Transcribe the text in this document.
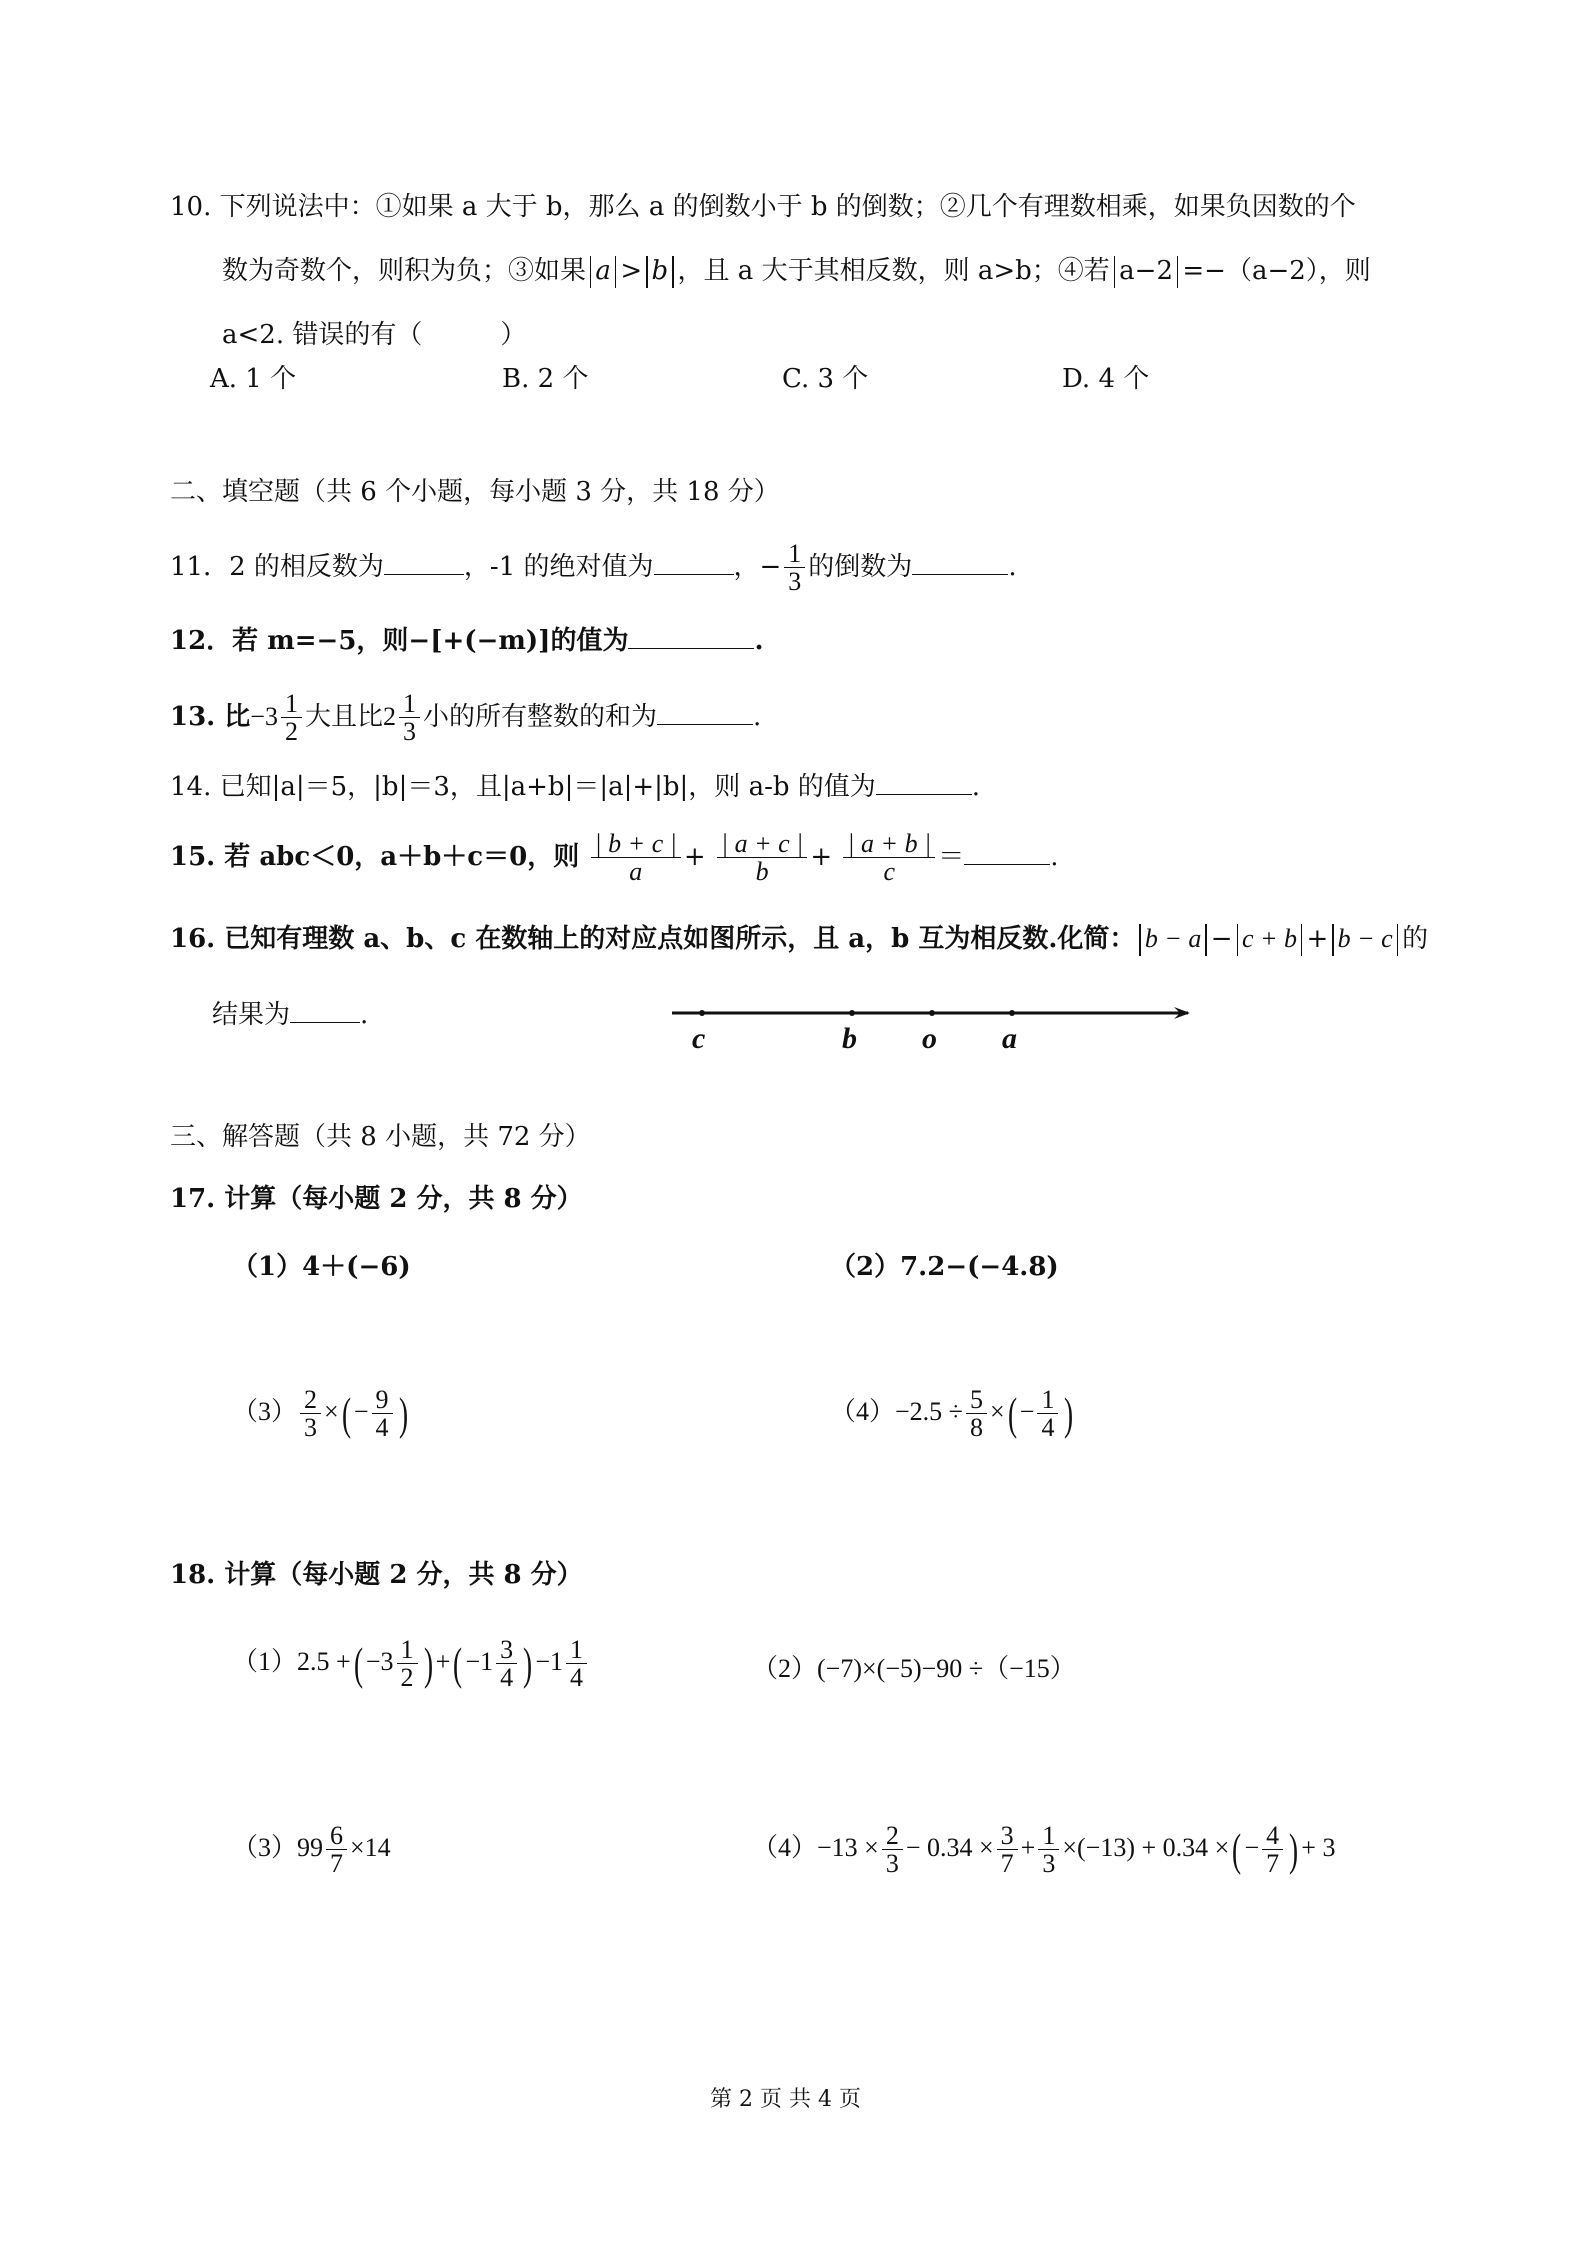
10. 下列说法中：①如果 a 大于 b，那么 a 的倒数小于 b 的倒数；②几个有理数相乘，如果负因数的个
数为奇数个，则积为负；③如果 a > b ，且 a 大于其相反数，则 a>b；④若 a−2 =−（a−2），则
a<2. 错误的有（　　　）
A. 1 个	B. 2 个	C. 3 个	D. 4 个
二、填空题（共 6 个小题，每小题 3 分，共 18 分）
11．2 的相反数为	，-1 的绝对值为	，− $\frac{1}{3}$ 的倒数为	.
12．若 m=−5，则−[+(−m)]的值为	.
13. 比$-3 \frac{1}{2}$ 大且比$2 \frac{1}{3}$ 小的所有整数的和为	.
14. 已知|a|＝5，|b|＝3，且|a+b|＝|a|+|b|，则 a-b 的值为	.
15. 若 abc＜0，a＋b＋c＝0，则 $\frac{| b + c |}{a} + \frac{| a + c |}{b} + \frac{| a + b |}{c}$ ＝	.
16. 已知有理数 a、b、c 在数轴上的对应点如图所示，且 a，b 互为相反数.化简： b − a − c + b + b − c 的
结果为	.
c	b o a
三、解答题（共 8 小题，共 72 分）
17. 计算（每小题 2 分，共 8 分）
（1）4＋(−6)	（2）7.2−(−4.8)
$(3) \frac{2}{3}$ ×( − $\frac{9}{4}$ )	$(4)-2.5 \div \frac{5}{8}$ ×( − $\frac{1}{4}$ )
18. 计算（每小题 2 分，共 8 分）
（1）2.5 +( $-3 \frac{1}{2}$ ) +( $-1 \frac{3}{4}$ ) $-1 \frac{1}{4}$	（2）(−7)×(−5)−90 ÷（−15）
$(3)99 \frac{6}{7} \times 14$	$(4)-13 \times \frac{2}{3} - 0.34 \times \frac{3}{7} + \frac{1}{3} \times(-13) + 0.34$ ×( − $\frac{4}{7}$ ) + 3
第 2 页 共 4 页
